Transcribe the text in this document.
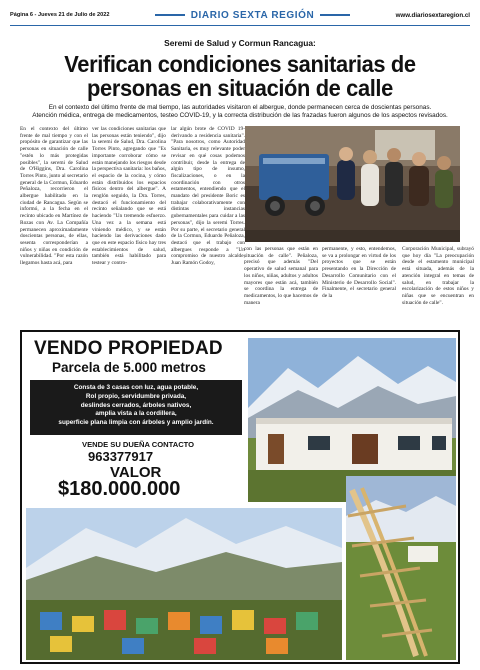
Página 6 - Jueves 21 de Julio de 2022	DIARIO SEXTA REGIÓN	www.diariosextaregion.cl
Seremi de Salud y Cormun Rancagua:
Verifican condiciones sanitarias de
personas en situación de calle
En el contexto del último frente de mal tiempo, las autoridades visitaron el albergue, donde permanecen cerca de doscientas personas.
Atención médica, entrega de medicamentos, testeo COVID-19, y la correcta distribución de las frazadas fueron algunos de los aspectos revisados.
En el contexto del último frente de mal tiempo y con el propósito de garantizar que las personas en situación de calle "estén lo más protegidas posibles", la seremi de Salud de O'Higgins, Dra. Carolina Torres Pinto, junto al secretario general de la Cormun, Eduardo Peñaloza, recorrieron el albergue habilitado en la ciudad de Rancagua. Según se informó, a la fecha en el recinto ubicado en Martínez de Rozas con Av. La Compañía permanecen aproximadamente doscientas personas, de ellas, sesenta corresponderían a niños y niñas en condición de vulnerabilidad. "Por esta razón llegamos hasta acá, para
ver las condiciones sanitarias que las personas están teniendo", dijo la seremi de Salud, Dra. Carolina Torres Pinto, agregando que "Es importante corroborar cómo se están manejando los riesgos desde la perspectiva sanitaria: los baños, el espacio de la cocina, y cómo están distribuidos los espacios físicos dentro del albergue". A renglón seguido, la Dra. Torres, destacó el funcionamiento del recinto señalando que se está haciendo "Un tremendo esfuerzo. Una vez a la semana está viniendo médico, y se están haciendo las derivaciones dado que en este espacio físico hay tres establecimientos de salud, también está habilitado para testear y contro-
lar algún brote de COVID 19- derivando a residencia sanitaria". "Para nosotros, como Autoridad Sanitaria, es muy relevante poder revisar en qué cosas podemos contribuir, desde la entrega de algún tipo de insumo, fiscalizaciones, o en la coordinación con otros estamentos, entendiendo que el mandato del presidente Boric es trabajar colaborativamente con distintas instancias gubernamentales para cuidar a las personas", dijo la seremi Torres. Por su parte, el secretario general de la Cormun, Eduardo Peñaloza, destacó que el trabajo con albergues responde a "Un compromiso de nuestro alcalde, Juan Ramón Godoy,
con las personas que están en situación de calle". Peñaloza, precisó que además "Del operativo de salud semanal para los niños, niñas, adultos y adultos mayores que están acá, también se coordina la entrega de medicamentos, lo que hacemos de manera
permanente, y esto, entendemos, se va a prolongar en virtud de los proyectos que se están presentando en la Dirección de Desarrollo Comunitario con el Ministerio de Desarrollo Social". Finalmente, el secretario general de la
Corporación Municipal, subrayó que hoy día "La preocupación desde el estamento municipal está situada, además de la atención integral en temas de salud, en trabajar la escolarización de estos niños y niñas que se encuentran en situación de calle".
VENDO PROPIEDAD
Parcela de 5.000 metros
Consta de 3 casas con luz, agua potable,
Rol propio, servidumbre privada,
deslindes cerrados, árboles nativos,
amplia vista a la cordillera,
superficie plana limpia con árboles y amplio jardín.
VENDE SU DUEÑA CONTACTO
963377917
VALOR
$180.000.000
